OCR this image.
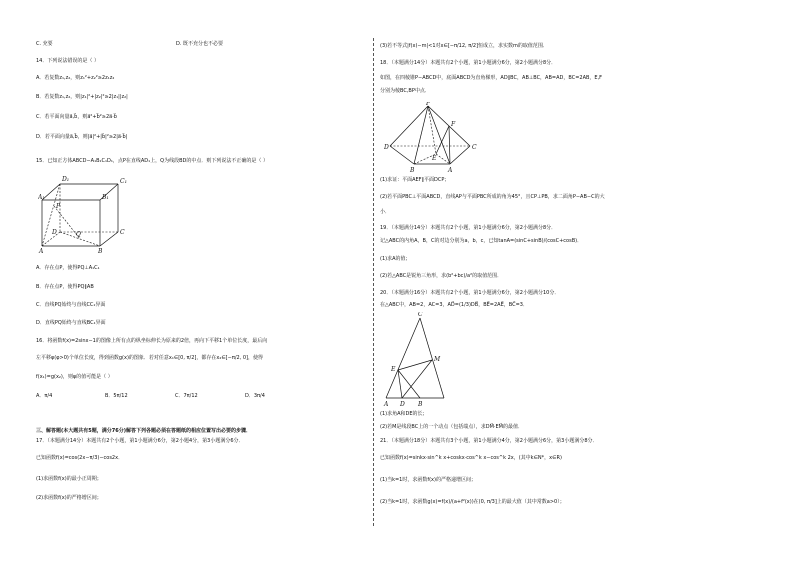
C. 充要	D. 既不充分也不必要
14．下列说法错误的是（ ）
A．若复数z₁,z₂，则z₁²+z₂²≥2z₁z₂
B．若复数z₁,z₂，则|z₁|²+|z₂|²≥2|z₁||z₂|
C．若平面向量a⃗,b⃗，则a⃗²+b⃗²≥2a⃗·b⃗
D．若平面向量a⃗,b⃗，则|a⃗|²+|b⃗|²≥2|a⃗·b⃗|
15．已知正方体ABCD−A₁B₁C₁D₁，点P在直线AD₁上，Q为线段BD的中点．则下列说法不正确的是（ ）
D₁	C₁
A₁	B₁
P
D	Q	C
A	B
A．存在点P，使得PQ⊥A₁C₁
B．存在点P，使得PQ∥AB
C．直线PQ始终与直线CC₁异面
D．直线PQ始终与直线BC₁异面
16．将函数f(x)=2sinx−1的图像上所有点的纵坐标伸长为原来的2倍，再向下平移1个单位长度，最后向
左平移φ(φ>0)个单位长度，得到函数g(x)的图象．若对任意x₁∈[0, π/2]，都存在x₂∈[−π/2, 0]，使得
f(x₁)=g(x₂)，则φ的值可能是（ ）
A．π/4	B．5π/12	C．7π/12	D．3π/4
三、解答题(本大题共有5题，满分76分)解答下列各题必须在答题纸的相应位置写出必要的步骤．
17．（本题满分14分）本题共有2个小题，第1小题满分6分，第2小题4分，第3小题满分6分．
已知函数f(x)=cos(2x−π/3)−cos2x．
(1)求函数f(x)的最小正周期；
(2)求函数f(x)的严格增区间；
(3)若不等式|f(x)−m|<1对x∈[−π/12, π/2]恒成立，求实数m的取值范围．
18．（本题满分14分）本题共有2个小题，第1小题满分6分，第2小题满分8分．
如图，在四棱锥P−ABCD中，底面ABCD为直角梯形，AD∥BC，AB⊥BC，AB=AD，BC=2AB，E,F
分别为棱BC,BP中点．
P
F
D	C
E
A
B
(1)求证：平面AEF∥平面DCP；
(2)若平面PBC⊥平面ABCD，直线AP与平面PBC所成的角为45°，且CP⊥PB，求二面角P−AB−C的大
小．
19．（本题满分14分）本题共有2个小题，第1小题满分6分，第2小题满分8分．
记△ABC的内角A，B，C的对边分别为a，b，c，已知tanA=(sinC+sinB)/(cosC+cosB)．
(1)求A的值；
(2)若△ABC是锐角三角形，求(b²+bc)/a²的取值范围．
20．（本题满分16分）本题共有2个小题，第1小题满分6分，第2小题满分10分．
在△ABC中，AB=2，AC=3，AD⃗=(1/3)DB⃗，BE⃗=2AE⃗，BC⃗=3．
C
M
E
A D B
(1)求角A和DE的长；
(2)若M是线段BC上的一个动点（包括端点），求DM⃗·EM⃗的最值．
21．（本题满分18分）本题共有3个小题，第1小题满分4分，第2小题满分6分，第3小题满分8分．
已知函数f(x)=sinkx·sin^k x+coskx·cos^k x−cos^k 2x，(其中k∈N*，x∈R)
(1)当k=1时，求函数f(x)的严格递增区间；
(2)当k=1时，求函数g(x)=f(x)/(a+f²(x))在(0, π/3]上的最大值（其中常数a>0）；
